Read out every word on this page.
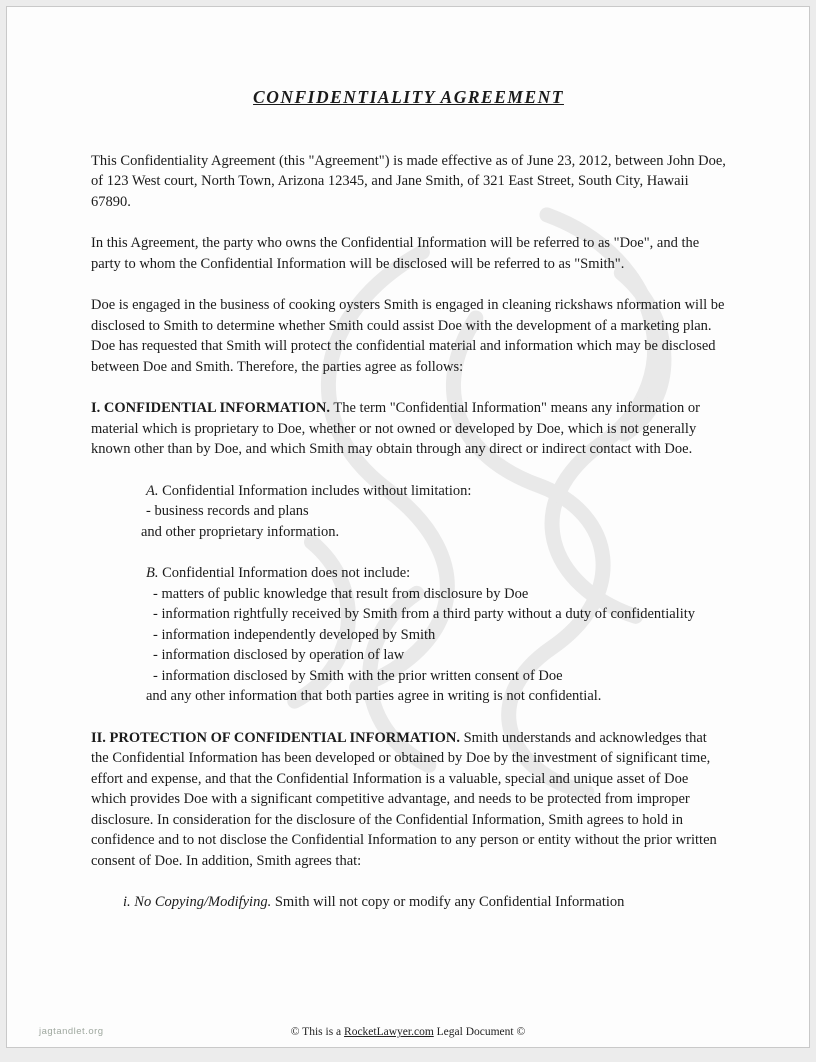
CONFIDENTIALITY AGREEMENT

This Confidentiality Agreement (this "Agreement") is made effective as of June 23, 2012, between John Doe, of 123 West court, North Town, Arizona 12345, and Jane Smith, of 321 East Street, South City, Hawaii 67890.

In this Agreement, the party who owns the Confidential Information will be referred to as "Doe", and the party to whom the Confidential Information will be disclosed will be referred to as "Smith".

Doe is engaged in the business of cooking oysters Smith is engaged in cleaning rickshaws nformation will be disclosed to Smith to determine whether Smith could assist Doe with the development of a marketing plan. Doe has requested that Smith will protect the confidential material and information which may be disclosed between Doe and Smith. Therefore, the parties agree as follows:

I. CONFIDENTIAL INFORMATION. The term "Confidential Information" means any information or material which is proprietary to Doe, whether or not owned or developed by Doe, which is not generally known other than by Doe, and which Smith may obtain through any direct or indirect contact with Doe.

A. Confidential Information includes without limitation:
- business records and plans
and other proprietary information.
B. Confidential Information does not include:
- matters of public knowledge that result from disclosure by Doe
- information rightfully received by Smith from a third party without a duty of confidentiality
- information independently developed by Smith
- information disclosed by operation of law
- information disclosed by Smith with the prior written consent of Doe
and any other information that both parties agree in writing is not confidential.

II. PROTECTION OF CONFIDENTIAL INFORMATION. Smith understands and acknowledges that the Confidential Information has been developed or obtained by Doe by the investment of significant time, effort and expense, and that the Confidential Information is a valuable, special and unique asset of Doe which provides Doe with a significant competitive advantage, and needs to be protected from improper disclosure. In consideration for the disclosure of the Confidential Information, Smith agrees to hold in confidence and to not disclose the Confidential Information to any person or entity without the prior written consent of Doe. In addition, Smith agrees that:

i. No Copying/Modifying. Smith will not copy or modify any Confidential Information
jagtandlet.org	© This is a RocketLawyer.com Legal Document ©
